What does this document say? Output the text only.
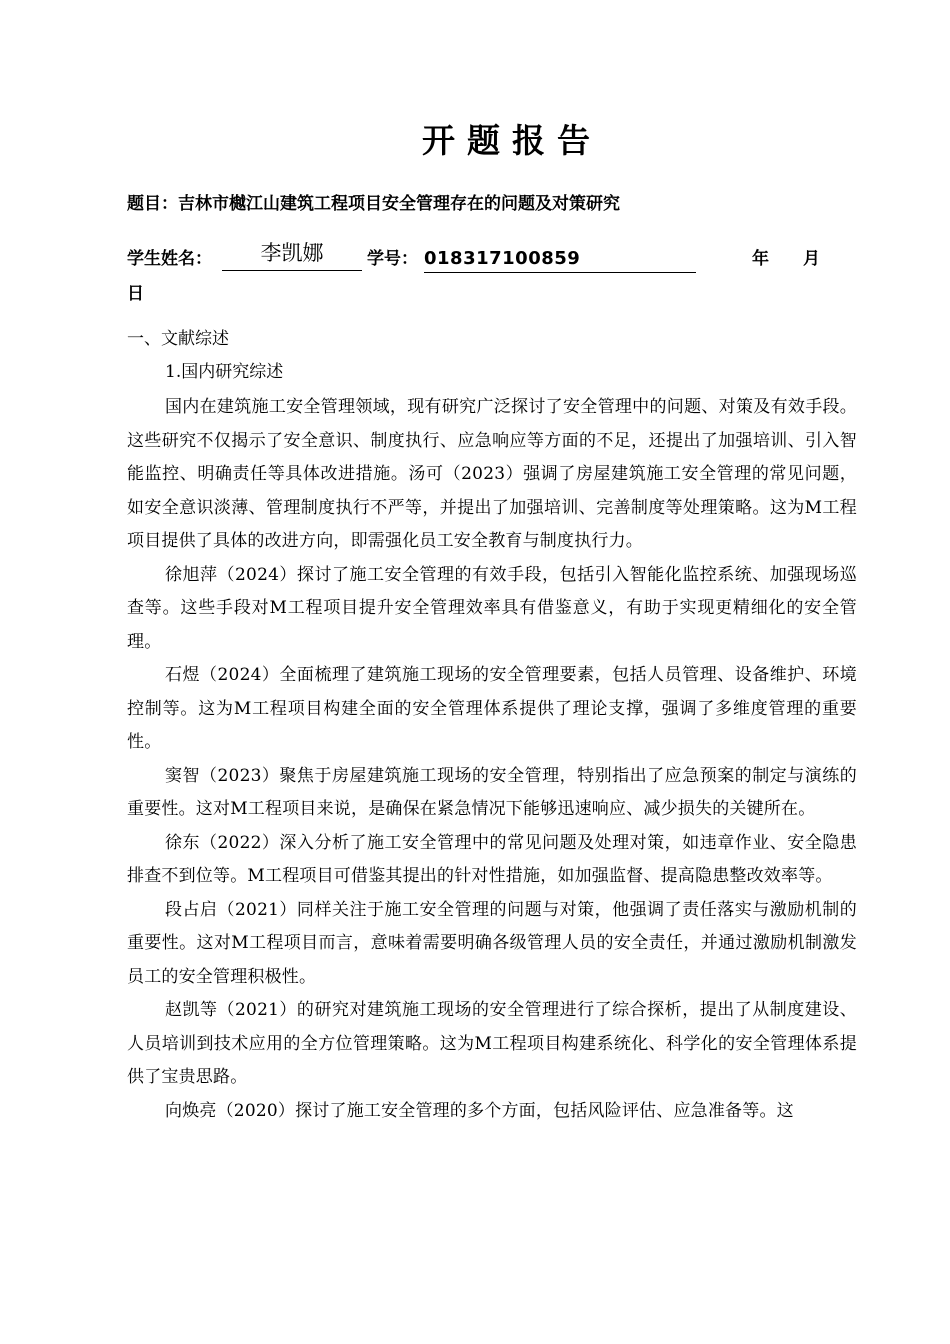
开题报告
题目：吉林市樾江山建筑工程项目安全管理存在的问题及对策研究
学生姓名：	李凯娜	学号： 018317100859	年 月
日
一、文献综述
1.国内研究综述

国内在建筑施工安全管理领域，现有研究广泛探讨了安全管理中的问题、对策及有效手段。这些研究不仅揭示了安全意识、制度执行、应急响应等方面的不足，还提出了加强培训、引入智能监控、明确责任等具体改进措施。汤可（2023）强调了房屋建筑施工安全管理的常见问题，如安全意识淡薄、管理制度执行不严等，并提出了加强培训、完善制度等处理策略。这为M工程项目提供了具体的改进方向，即需强化员工安全教育与制度执行力。

徐旭萍（2024）探讨了施工安全管理的有效手段，包括引入智能化监控系统、加强现场巡查等。这些手段对M工程项目提升安全管理效率具有借鉴意义，有助于实现更精细化的安全管理。

石煜（2024）全面梳理了建筑施工现场的安全管理要素，包括人员管理、设备维护、环境控制等。这为M工程项目构建全面的安全管理体系提供了理论支撑，强调了多维度管理的重要性。

窦智（2023）聚焦于房屋建筑施工现场的安全管理，特别指出了应急预案的制定与演练的重要性。这对M工程项目来说，是确保在紧急情况下能够迅速响应、减少损失的关键所在。

徐东（2022）深入分析了施工安全管理中的常见问题及处理对策，如违章作业、安全隐患排查不到位等。M工程项目可借鉴其提出的针对性措施，如加强监督、提高隐患整改效率等。

段占启（2021）同样关注于施工安全管理的问题与对策，他强调了责任落实与激励机制的重要性。这对M工程项目而言，意味着需要明确各级管理人员的安全责任，并通过激励机制激发员工的安全管理积极性。

赵凯等（2021）的研究对建筑施工现场的安全管理进行了综合探析，提出了从制度建设、人员培训到技术应用的全方位管理策略。这为M工程项目构建系统化、科学化的安全管理体系提供了宝贵思路。

向焕亮（2020）探讨了施工安全管理的多个方面，包括风险评估、应急准备等。这
